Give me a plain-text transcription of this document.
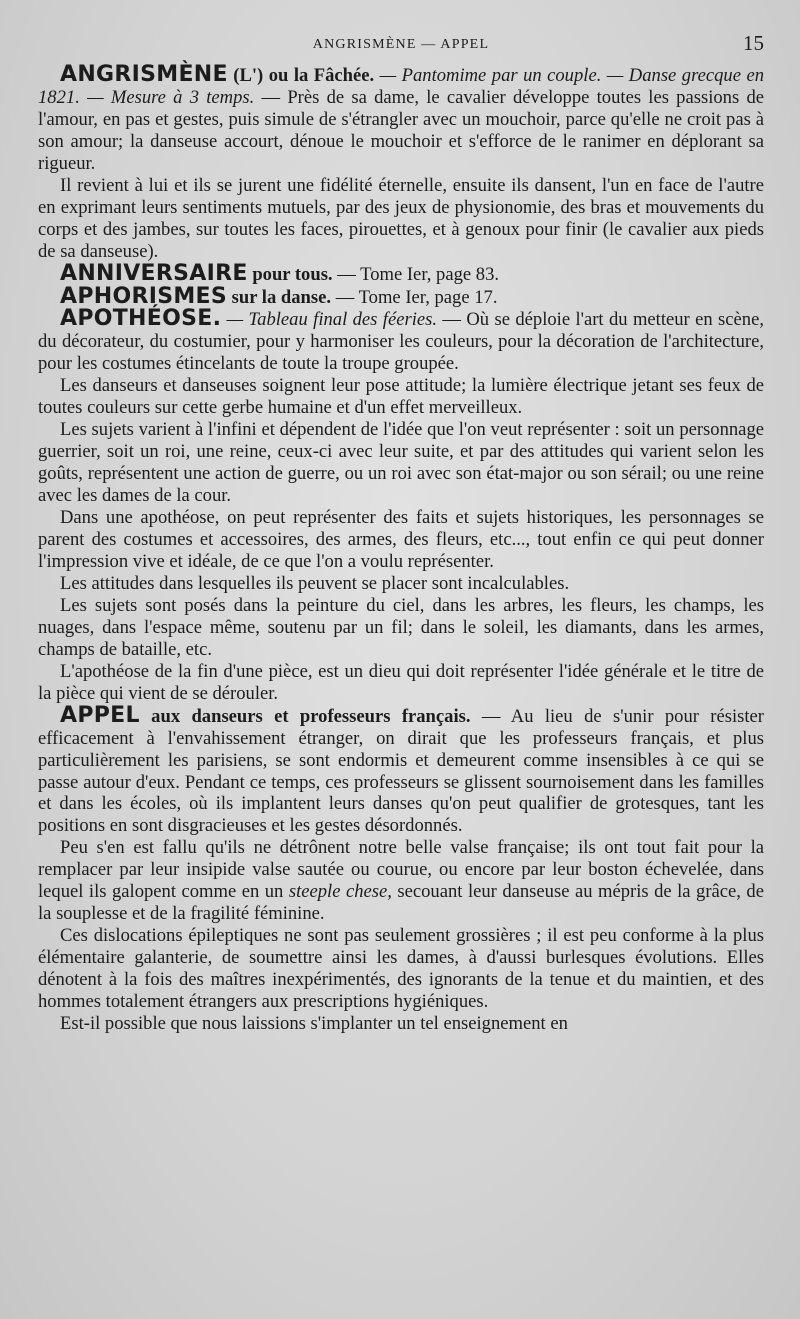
ANGRISMÈNE — APPEL	15

ANGRISMÈNE (L') ou la Fâchée. — Pantomime par un couple. — Danse grecque en 1821. — Mesure à 3 temps. — Près de sa dame, le cavalier développe toutes les passions de l'amour, en pas et gestes, puis simule de s'étrangler avec un mouchoir, parce qu'elle ne croit pas à son amour; la danseuse accourt, dénoue le mouchoir et s'efforce de le ranimer en déplorant sa rigueur.

Il revient à lui et ils se jurent une fidélité éternelle, ensuite ils dansent, l'un en face de l'autre en exprimant leurs sentiments mutuels, par des jeux de physionomie, des bras et mouvements du corps et des jambes, sur toutes les faces, pirouettes, et à genoux pour finir (le cavalier aux pieds de sa danseuse).

ANNIVERSAIRE pour tous. — Tome Ier, page 83.

APHORISMES sur la danse. — Tome Ier, page 17.

APOTHÉOSE. — Tableau final des féeries. — Où se déploie l'art du metteur en scène, du décorateur, du costumier, pour y harmoniser les couleurs, pour la décoration de l'architecture, pour les costumes étincelants de toute la troupe groupée.

Les danseurs et danseuses soignent leur pose attitude; la lumière électrique jetant ses feux de toutes couleurs sur cette gerbe humaine et d'un effet merveilleux.

Les sujets varient à l'infini et dépendent de l'idée que l'on veut représenter : soit un personnage guerrier, soit un roi, une reine, ceux-ci avec leur suite, et par des attitudes qui varient selon les goûts, représentent une action de guerre, ou un roi avec son état-major ou son sérail; ou une reine avec les dames de la cour.

Dans une apothéose, on peut représenter des faits et sujets historiques, les personnages se parent des costumes et accessoires, des armes, des fleurs, etc..., tout enfin ce qui peut donner l'impression vive et idéale, de ce que l'on a voulu représenter.

Les attitudes dans lesquelles ils peuvent se placer sont incalculables.

Les sujets sont posés dans la peinture du ciel, dans les arbres, les fleurs, les champs, les nuages, dans l'espace même, soutenu par un fil; dans le soleil, les diamants, dans les armes, champs de bataille, etc.

L'apothéose de la fin d'une pièce, est un dieu qui doit représenter l'idée générale et le titre de la pièce qui vient de se dérouler.

APPEL aux danseurs et professeurs français. — Au lieu de s'unir pour résister efficacement à l'envahissement étranger, on dirait que les professeurs français, et plus particulièrement les parisiens, se sont endormis et demeurent comme insensibles à ce qui se passe autour d'eux. Pendant ce temps, ces professeurs se glissent sournoisement dans les familles et dans les écoles, où ils implantent leurs danses qu'on peut qualifier de grotesques, tant les positions en sont disgracieuses et les gestes désordonnés.

Peu s'en est fallu qu'ils ne détrônent notre belle valse française; ils ont tout fait pour la remplacer par leur insipide valse sautée ou courue, ou encore par leur boston échevelée, dans lequel ils galopent comme en un steeple chese, secouant leur danseuse au mépris de la grâce, de la souplesse et de la fragilité féminine.

Ces dislocations épileptiques ne sont pas seulement grossières ; il est peu conforme à la plus élémentaire galanterie, de soumettre ainsi les dames, à d'aussi burlesques évolutions. Elles dénotent à la fois des maîtres inexpérimentés, des ignorants de la tenue et du maintien, et des hommes totalement étrangers aux prescriptions hygiéniques.

Est-il possible que nous laissions s'implanter un tel enseignement en
